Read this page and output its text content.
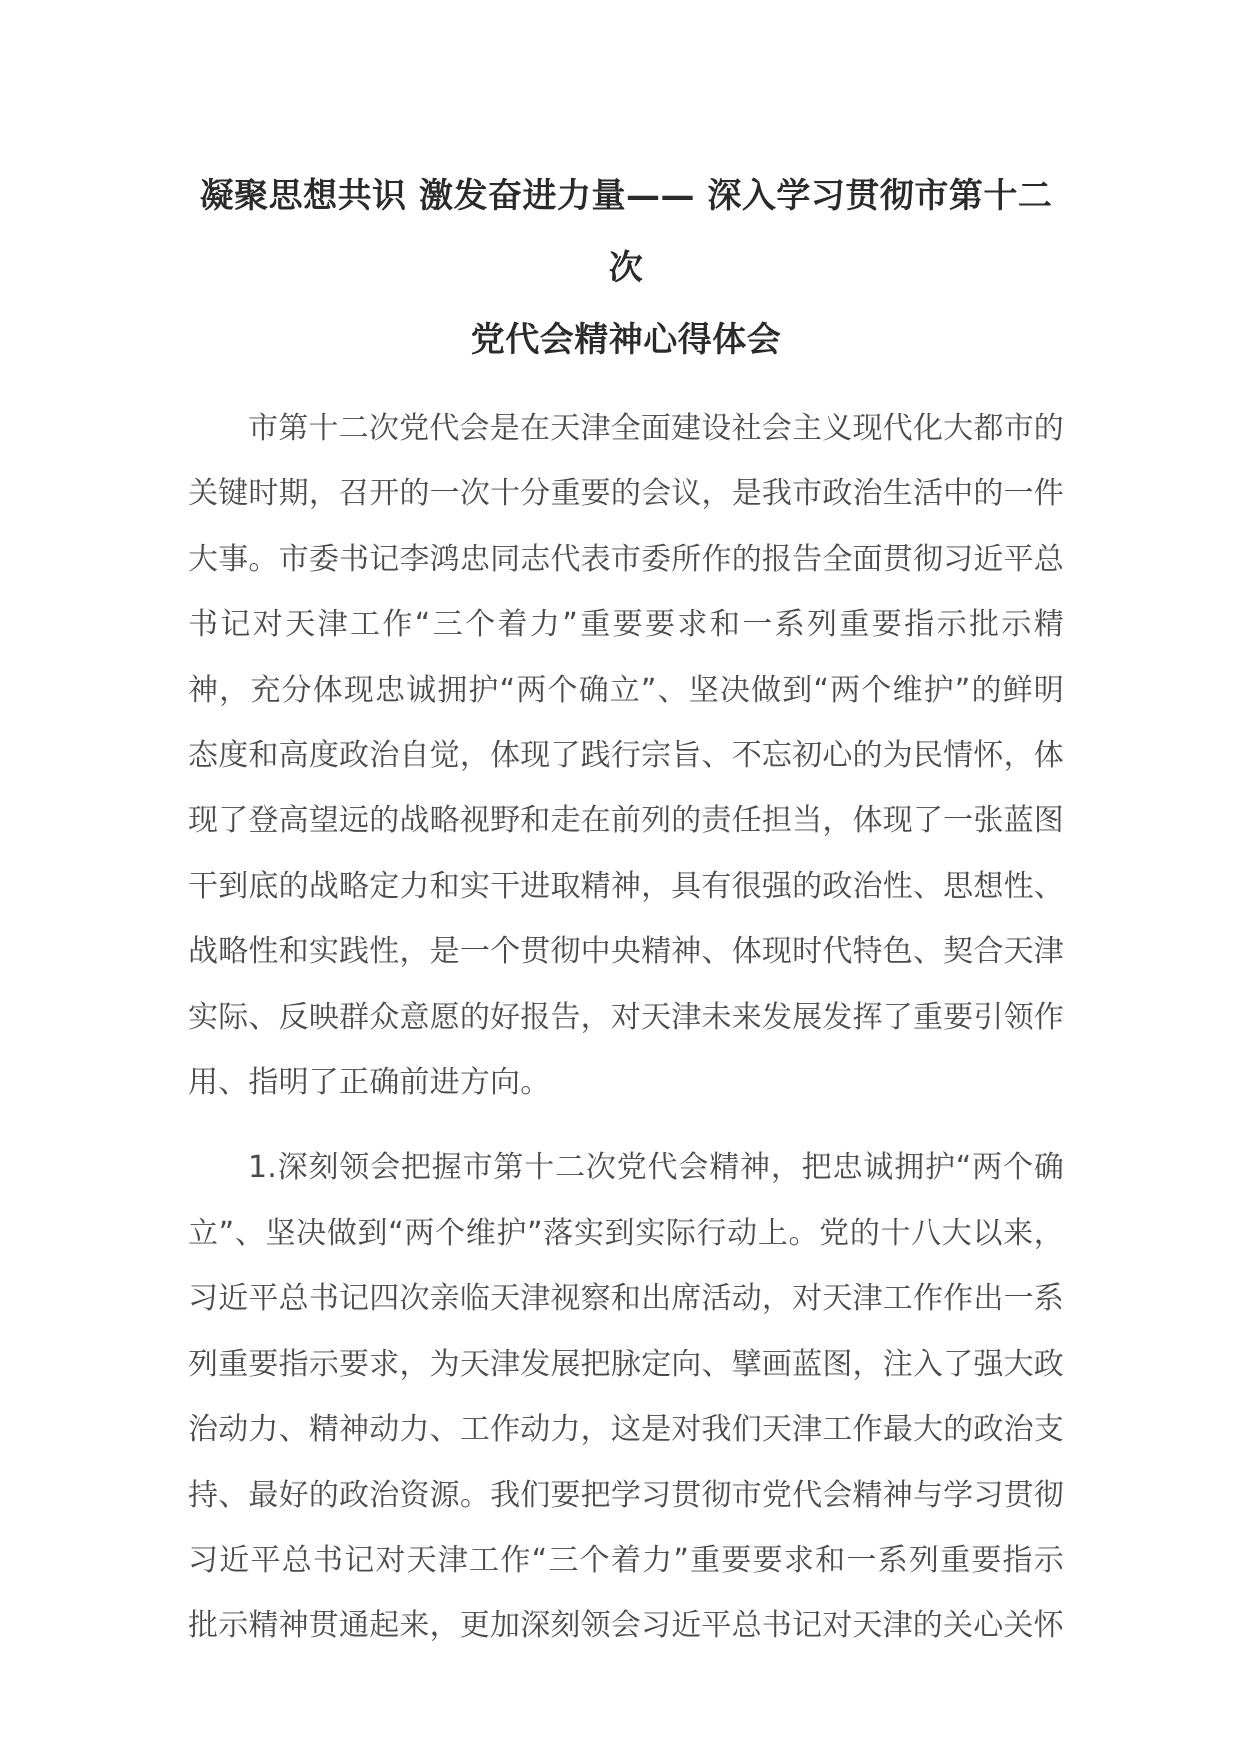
凝聚思想共识 激发奋进力量—— 深入学习贯彻市第十二次
党代会精神心得体会

市第十二次党代会是在天津全面建设社会主义现代化大都市的关键时期，召开的一次十分重要的会议，是我市政治生活中的一件大事。市委书记李鸿忠同志代表市委所作的报告全面贯彻习近平总书记对天津工作“三个着力”重要要求和一系列重要指示批示精神，充分体现忠诚拥护“两个确立”、坚决做到“两个维护”的鲜明态度和高度政治自觉，体现了践行宗旨、不忘初心的为民情怀，体现了登高望远的战略视野和走在前列的责任担当，体现了一张蓝图干到底的战略定力和实干进取精神，具有很强的政治性、思想性、战略性和实践性，是一个贯彻中央精神、体现时代特色、契合天津实际、反映群众意愿的好报告，对天津未来发展发挥了重要引领作用、指明了正确前进方向。

1.深刻领会把握市第十二次党代会精神，把忠诚拥护“两个确立”、坚决做到“两个维护”落实到实际行动上。党的十八大以来，习近平总书记四次亲临天津视察和出席活动，对天津工作作出一系列重要指示要求，为天津发展把脉定向、擘画蓝图，注入了强大政治动力、精神动力、工作动力，这是对我们天津工作最大的政治支持、最好的政治资源。我们要把学习贯彻市党代会精神与学习贯彻习近平总书记对天津工作“三个着力”重要要求和一系列重要指示批示精神贯通起来，更加深刻领会习近平总书记对天津的关心关怀
